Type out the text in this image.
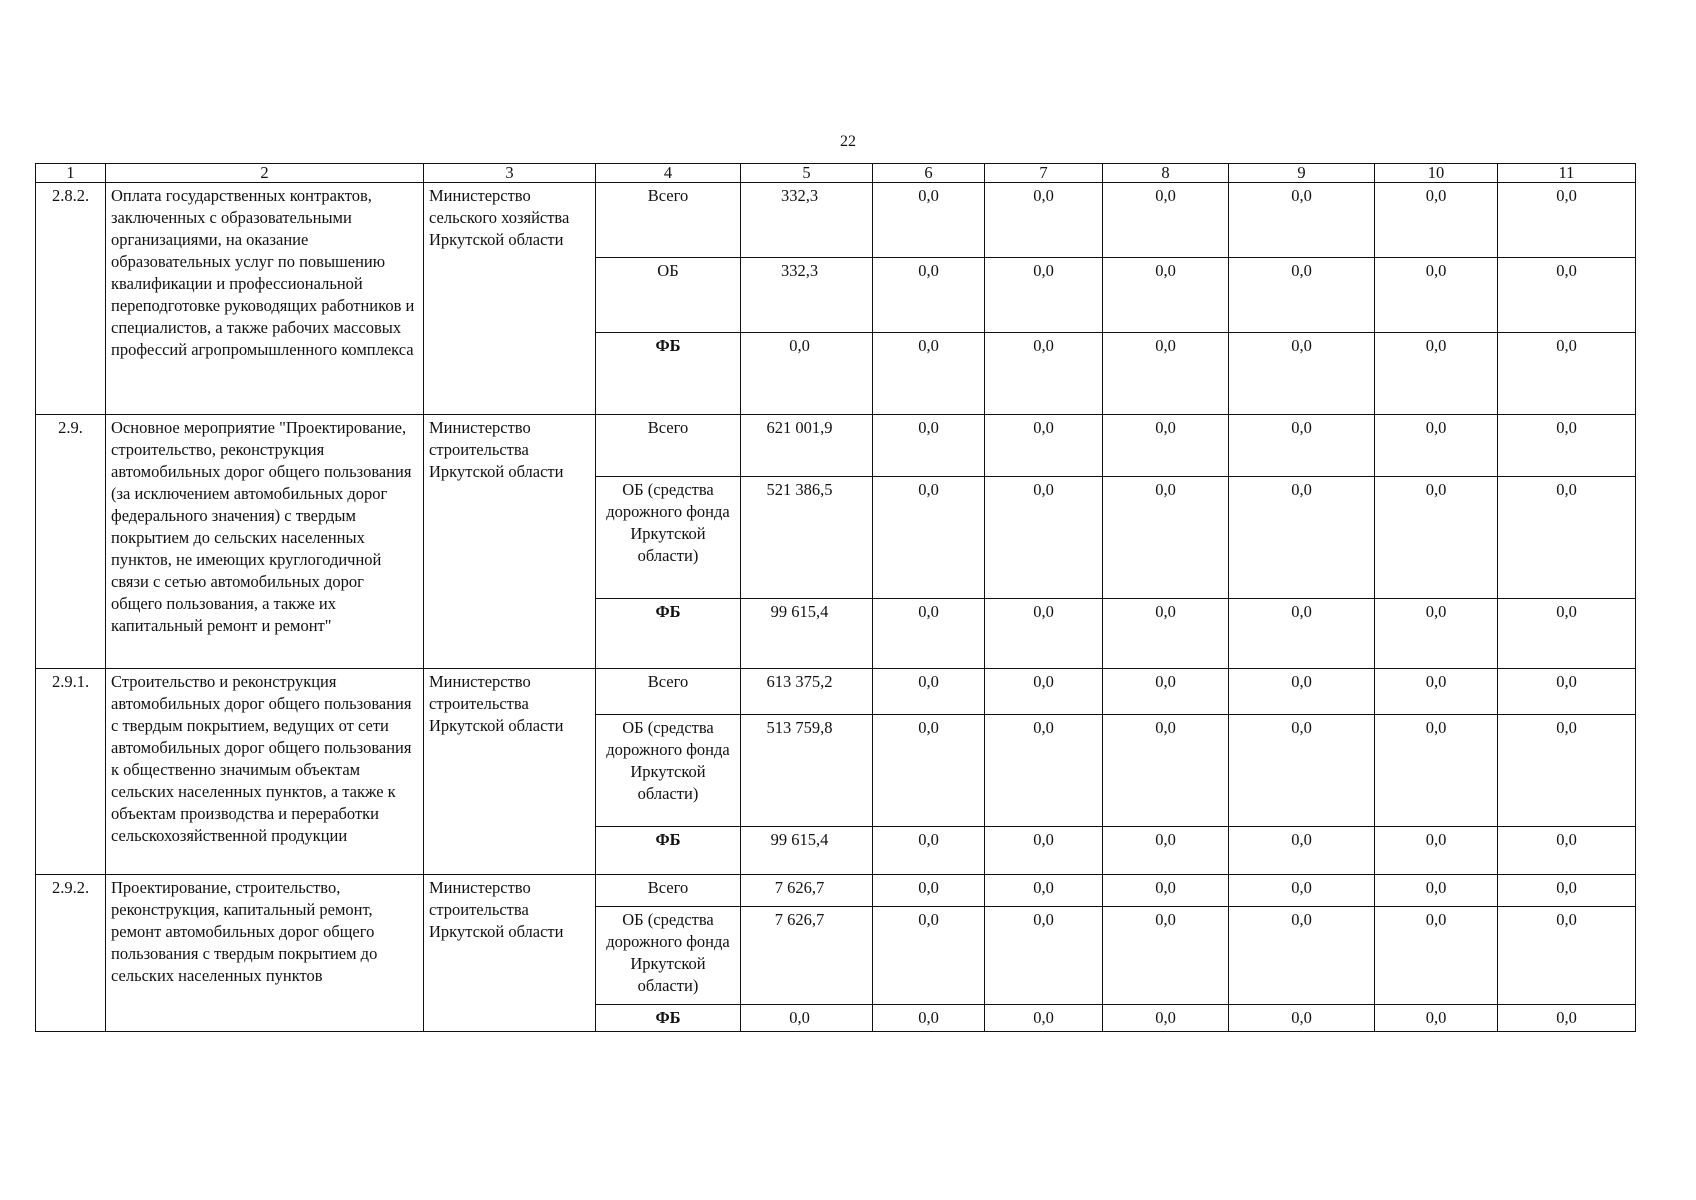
22
1	2	3	4	5	6	7	8	9	10	11
2.8.2.	Оплата государственных контрактов, заключенных с образовательными организациями, на оказание образовательных услуг по повышению квалификации и профессиональной переподготовке руководящих работников и специалистов, а также рабочих массовых профессий агропромышленного комплекса	Министерство сельского хозяйства Иркутской области	Всего	332,3	0,0	0,0	0,0	0,0	0,0	0,0
			ОБ	332,3	0,0	0,0	0,0	0,0	0,0	0,0
			ФБ	0,0	0,0	0,0	0,0	0,0	0,0	0,0
2.9.	Основное мероприятие "Проектирование, строительство, реконструкция автомобильных дорог общего пользования (за исключением автомобильных дорог федерального значения) с твердым покрытием до сельских населенных пунктов, не имеющих круглогодичной связи с сетью автомобильных дорог общего пользования, а также их капитальный ремонт и ремонт"	Министерство строительства Иркутской области	Всего	621 001,9	0,0	0,0	0,0	0,0	0,0	0,0
			ОБ (средства дорожного фонда Иркутской области)	521 386,5	0,0	0,0	0,0	0,0	0,0	0,0
			ФБ	99 615,4	0,0	0,0	0,0	0,0	0,0	0,0
2.9.1.	Строительство и реконструкция автомобильных дорог общего пользования с твердым покрытием, ведущих от сети автомобильных дорог общего пользования к общественно значимым объектам сельских населенных пунктов, а также к объектам производства и переработки сельскохозяйственной продукции	Министерство строительства Иркутской области	Всего	613 375,2	0,0	0,0	0,0	0,0	0,0	0,0
			ОБ (средства дорожного фонда Иркутской области)	513 759,8	0,0	0,0	0,0	0,0	0,0	0,0
			ФБ	99 615,4	0,0	0,0	0,0	0,0	0,0	0,0
2.9.2.	Проектирование, строительство, реконструкция, капитальный ремонт, ремонт автомобильных дорог общего пользования с твердым покрытием до сельских населенных пунктов	Министерство строительства Иркутской области	Всего	7 626,7	0,0	0,0	0,0	0,0	0,0	0,0
			ОБ (средства дорожного фонда Иркутской области)	7 626,7	0,0	0,0	0,0	0,0	0,0	0,0
			ФБ	0,0	0,0	0,0	0,0	0,0	0,0	0,0
